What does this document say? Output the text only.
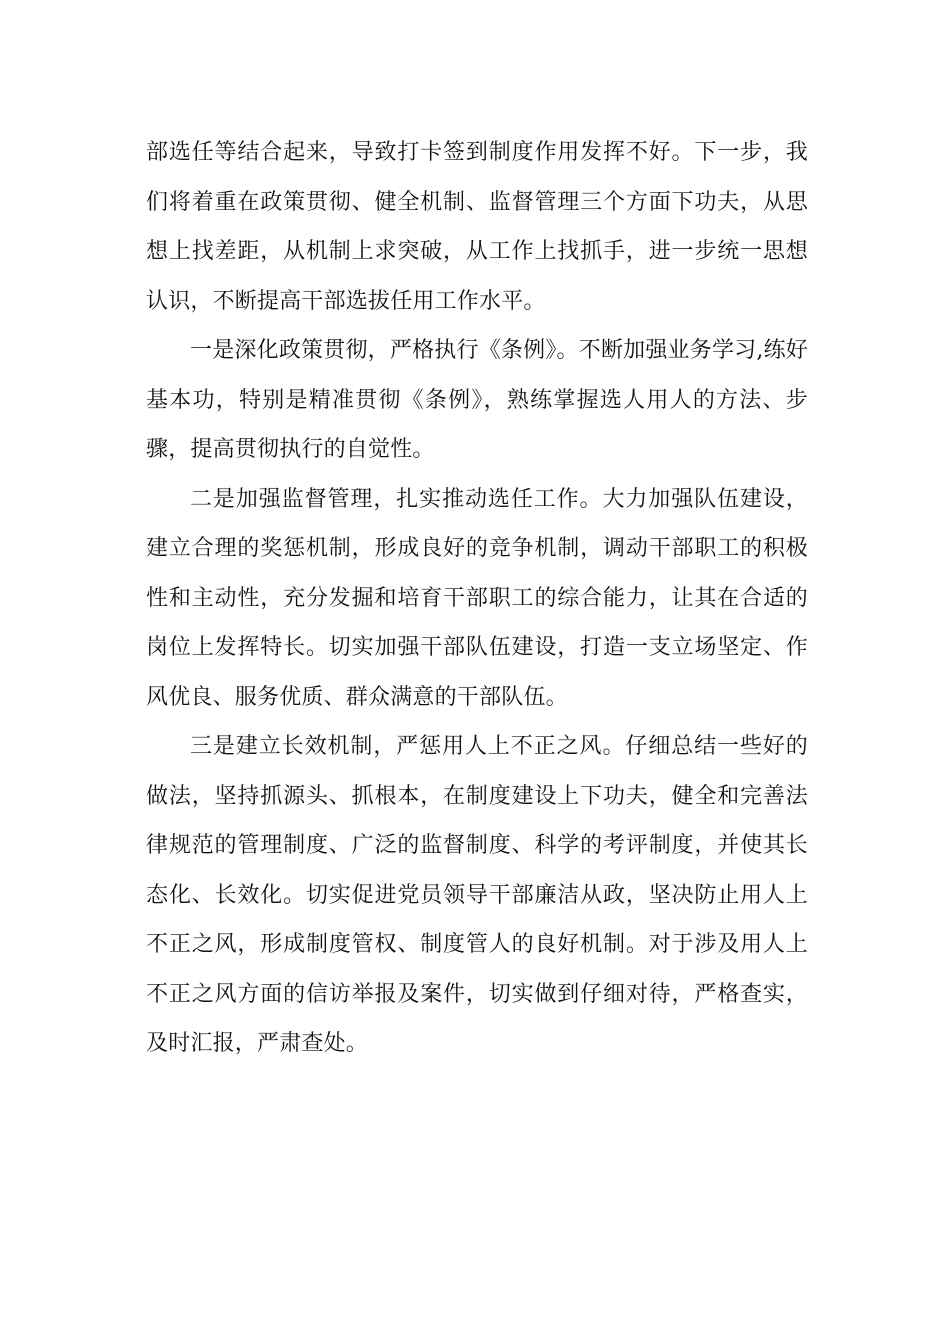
部选任等结合起来，导致打卡签到制度作用发挥不好。下一步，我们将着重在政策贯彻、健全机制、监督管理三个方面下功夫，从思想上找差距，从机制上求突破，从工作上找抓手，进一步统一思想认识，不断提高干部选拔任用工作水平。

一是深化政策贯彻，严格执行《条例》。不断加强业务学习,练好基本功，特别是精准贯彻《条例》，熟练掌握选人用人的方法、步骤，提高贯彻执行的自觉性。

二是加强监督管理，扎实推动选任工作。大力加强队伍建设，建立合理的奖惩机制，形成良好的竞争机制，调动干部职工的积极性和主动性，充分发掘和培育干部职工的综合能力，让其在合适的岗位上发挥特长。切实加强干部队伍建设，打造一支立场坚定、作风优良、服务优质、群众满意的干部队伍。

三是建立长效机制，严惩用人上不正之风。仔细总结一些好的做法，坚持抓源头、抓根本，在制度建设上下功夫，健全和完善法律规范的管理制度、广泛的监督制度、科学的考评制度，并使其长态化、长效化。切实促进党员领导干部廉洁从政，坚决防止用人上不正之风，形成制度管权、制度管人的良好机制。对于涉及用人上不正之风方面的信访举报及案件，切实做到仔细对待，严格查实，及时汇报，严肃查处。
